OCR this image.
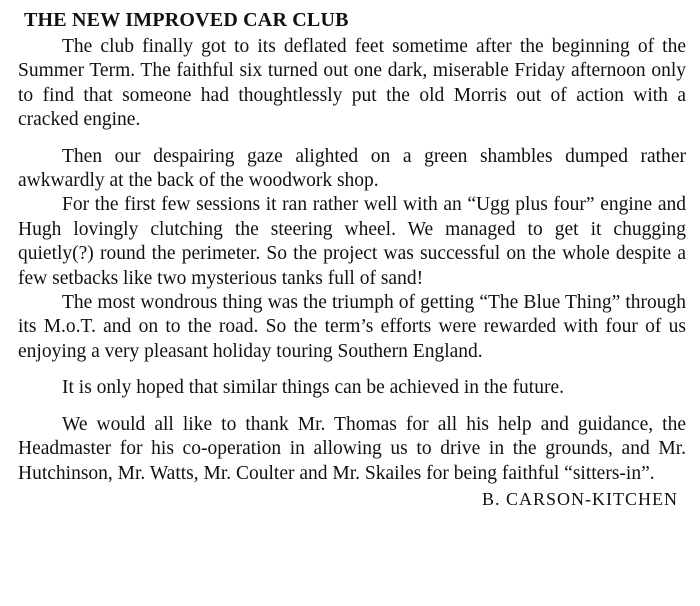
THE NEW IMPROVED CAR CLUB

The club finally got to its deflated feet sometime after the beginning of the Summer Term. The faithful six turned out one dark, miserable Friday afternoon only to find that someone had thoughtlessly put the old Morris out of action with a cracked engine.

Then our despairing gaze alighted on a green shambles dumped rather awkwardly at the back of the woodwork shop.

For the first few sessions it ran rather well with an “Ugg plus four” engine and Hugh lovingly clutching the steering wheel. We managed to get it chugging quietly(?) round the perimeter. So the project was successful on the whole despite a few setbacks like two mysterious tanks full of sand!

The most wondrous thing was the triumph of getting “The Blue Thing” through its M.o.T. and on to the road. So the term’s efforts were rewarded with four of us enjoying a very pleasant holiday touring Southern England.

It is only hoped that similar things can be achieved in the future.

We would all like to thank Mr. Thomas for all his help and guidance, the Headmaster for his co-operation in allowing us to drive in the grounds, and Mr. Hutchinson, Mr. Watts, Mr. Coulter and Mr. Skailes for being faithful “sitters-in”.

B. CARSON-KITCHEN
